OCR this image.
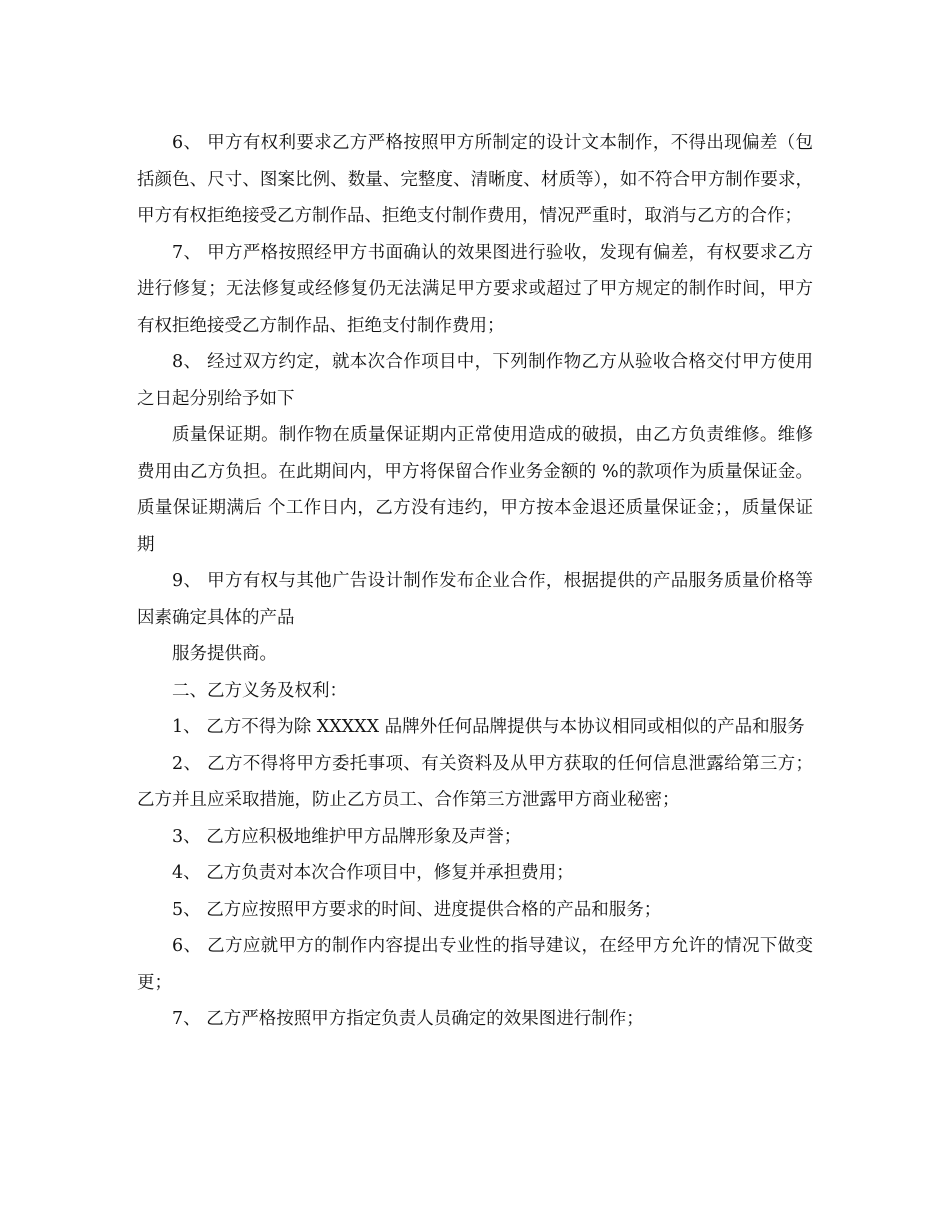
6、 甲方有权利要求乙方严格按照甲方所制定的设计文本制作，不得出现偏差（包括颜色、尺寸、图案比例、数量、完整度、清晰度、材质等），如不符合甲方制作要求，甲方有权拒绝接受乙方制作品、拒绝支付制作费用，情况严重时，取消与乙方的合作；

7、 甲方严格按照经甲方书面确认的效果图进行验收，发现有偏差，有权要求乙方进行修复；无法修复或经修复仍无法满足甲方要求或超过了甲方规定的制作时间，甲方有权拒绝接受乙方制作品、拒绝支付制作费用；

8、 经过双方约定，就本次合作项目中，下列制作物乙方从验收合格交付甲方使用之日起分别给予如下

质量保证期。制作物在质量保证期内正常使用造成的破损，由乙方负责维修。维修费用由乙方负担。在此期间内，甲方将保留合作业务金额的 %的款项作为质量保证金。质量保证期满后 个工作日内，乙方没有违约，甲方按本金退还质量保证金；，质量保证期

9、 甲方有权与其他广告设计制作发布企业合作，根据提供的产品服务质量价格等因素确定具体的产品

服务提供商。

二、乙方义务及权利：

1、 乙方不得为除 XXXXX 品牌外任何品牌提供与本协议相同或相似的产品和服务

2、 乙方不得将甲方委托事项、有关资料及从甲方获取的任何信息泄露给第三方；乙方并且应采取措施，防止乙方员工、合作第三方泄露甲方商业秘密；

3、 乙方应积极地维护甲方品牌形象及声誉；

4、 乙方负责对本次合作项目中，修复并承担费用；

5、 乙方应按照甲方要求的时间、进度提供合格的产品和服务；

6、 乙方应就甲方的制作内容提出专业性的指导建议，在经甲方允许的情况下做变更；

7、 乙方严格按照甲方指定负责人员确定的效果图进行制作；
